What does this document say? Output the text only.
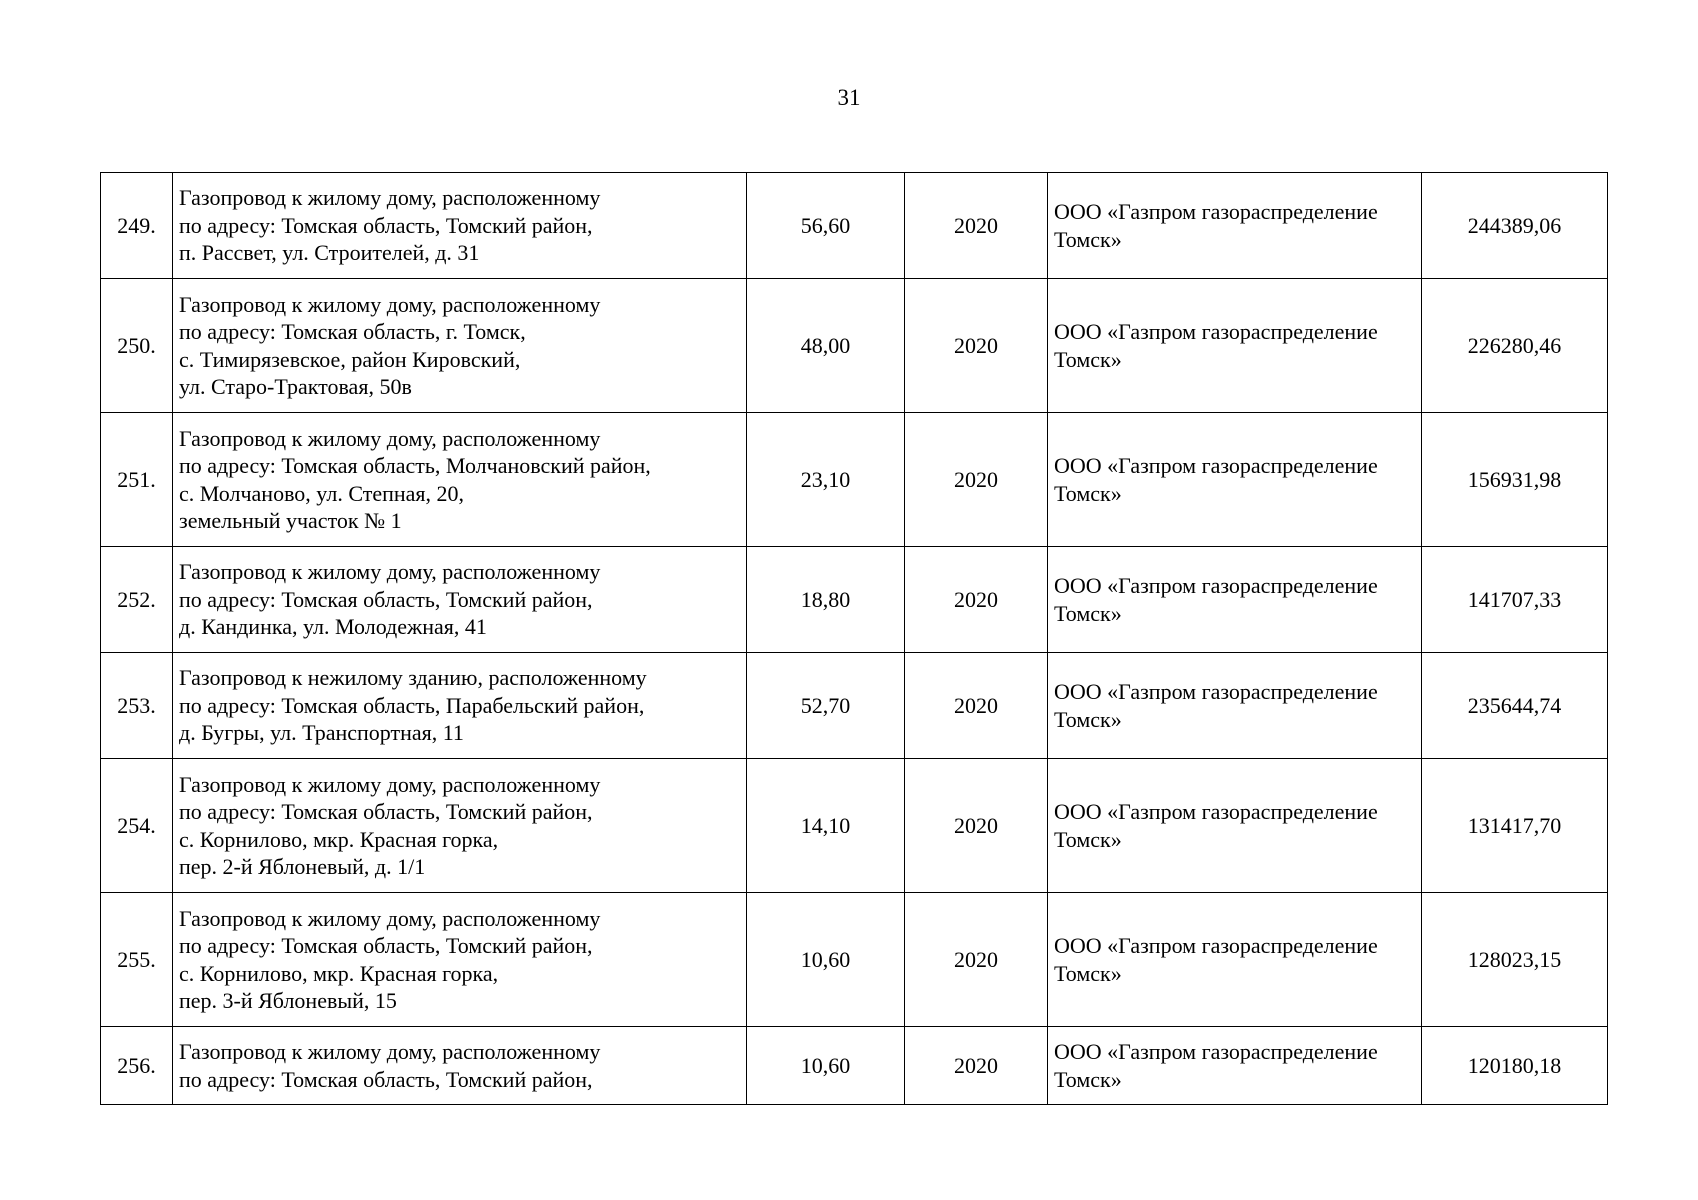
31
249.	Газопровод к жилому дому, расположенному
по адресу: Томская область, Томский район,
п. Рассвет, ул. Строителей, д. 31	56,60	2020	ООО «Газпром газораспределение
Томск»	244389,06
250.	Газопровод к жилому дому, расположенному
по адресу: Томская область, г. Томск,
с. Тимирязевское, район Кировский,
ул. Старо-Трактовая, 50в	48,00	2020	ООО «Газпром газораспределение
Томск»	226280,46
251.	Газопровод к жилому дому, расположенному
по адресу: Томская область, Молчановский район,
с. Молчаново, ул. Степная, 20,
земельный участок № 1	23,10	2020	ООО «Газпром газораспределение
Томск»	156931,98
252.	Газопровод к жилому дому, расположенному
по адресу: Томская область, Томский район,
д. Кандинка, ул. Молодежная, 41	18,80	2020	ООО «Газпром газораспределение
Томск»	141707,33
253.	Газопровод к нежилому зданию, расположенному
по адресу: Томская область, Парабельский район,
д. Бугры, ул. Транспортная, 11	52,70	2020	ООО «Газпром газораспределение
Томск»	235644,74
254.	Газопровод к жилому дому, расположенному
по адресу: Томская область, Томский район,
с. Корнилово, мкр. Красная горка,
пер. 2-й Яблоневый, д. 1/1	14,10	2020	ООО «Газпром газораспределение
Томск»	131417,70
255.	Газопровод к жилому дому, расположенному
по адресу: Томская область, Томский район,
с. Корнилово, мкр. Красная горка,
пер. 3-й Яблоневый, 15	10,60	2020	ООО «Газпром газораспределение
Томск»	128023,15
256.	Газопровод к жилому дому, расположенному
по адресу: Томская область, Томский район,	10,60	2020	ООО «Газпром газораспределение
Томск»	120180,18
